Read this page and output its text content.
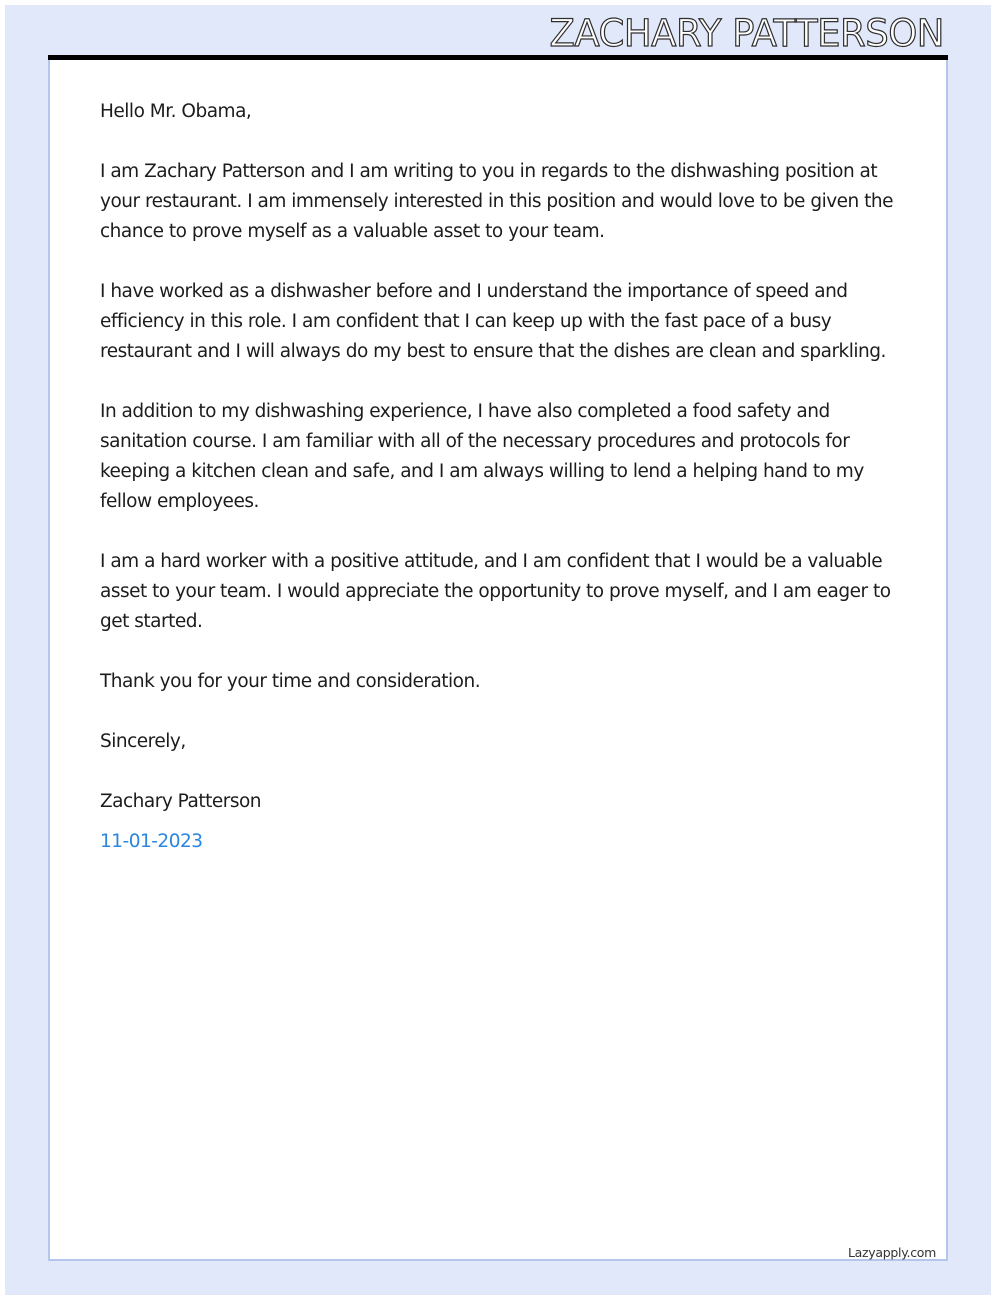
ZACHARY PATTERSON

Hello Mr. Obama,

I am Zachary Patterson and I am writing to you in regards to the dishwashing position at your restaurant. I am immensely interested in this position and would love to be given the chance to prove myself as a valuable asset to your team.

I have worked as a dishwasher before and I understand the importance of speed and efficiency in this role. I am confident that I can keep up with the fast pace of a busy restaurant and I will always do my best to ensure that the dishes are clean and sparkling.

In addition to my dishwashing experience, I have also completed a food safety and sanitation course. I am familiar with all of the necessary procedures and protocols for keeping a kitchen clean and safe, and I am always willing to lend a helping hand to my fellow employees.

I am a hard worker with a positive attitude, and I am confident that I would be a valuable asset to your team. I would appreciate the opportunity to prove myself, and I am eager to get started.

Thank you for your time and consideration.

Sincerely,

Zachary Patterson

11-01-2023

Lazyapply.com
